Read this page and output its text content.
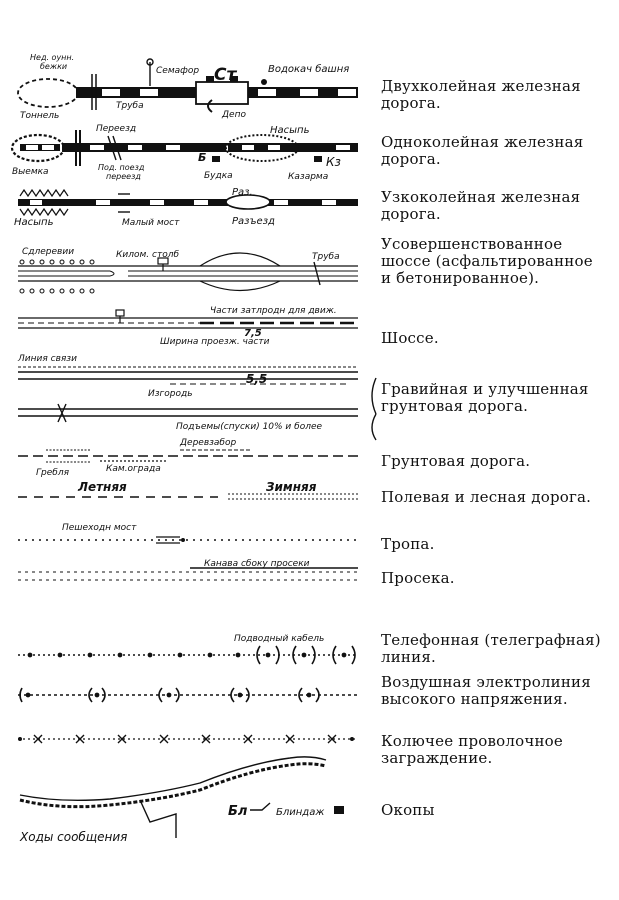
Нед. оунн.
бежки
Тоннель
Семафор Ст	Водокач башня
Труба
Депо
Переезд
Выемка	Под. поезд
переезд
Насыпь
Б
Будка
Кз
Казарма
Насыпь	Малый мост
Раз.
Разъезд
Сдлеревии	Килом. столб	Труба
Части затлродн для движ.
7,5
Ширина проезж. части
Линия связи
Изгородь
5,5
Подъемы(спуски) 10% и более
Деревзабор
Кам.ограда
Гребля
Летняя	Зимняя
Пешеходн мост
Канава сбоку просеки
Подводный кабель
Бл	Блиндаж
Ходы сообщения
Двухколейная железная дорога.
Одноколейная железная дорога.
Узкоколейная железная дорога.
Усовершенствованное шоссе (асфальтированное и бетонированное).
Шоссе.
Гравийная и улучшенная грунтовая дорога.
Грунтовая дорога.
Полевая и лесная дорога.
Тропа.
Просека.
Телефонная (телеграфная) линия.
Воздушная электролиния высокого напряжения.
Колючее проволочное заграждение.
Окопы
